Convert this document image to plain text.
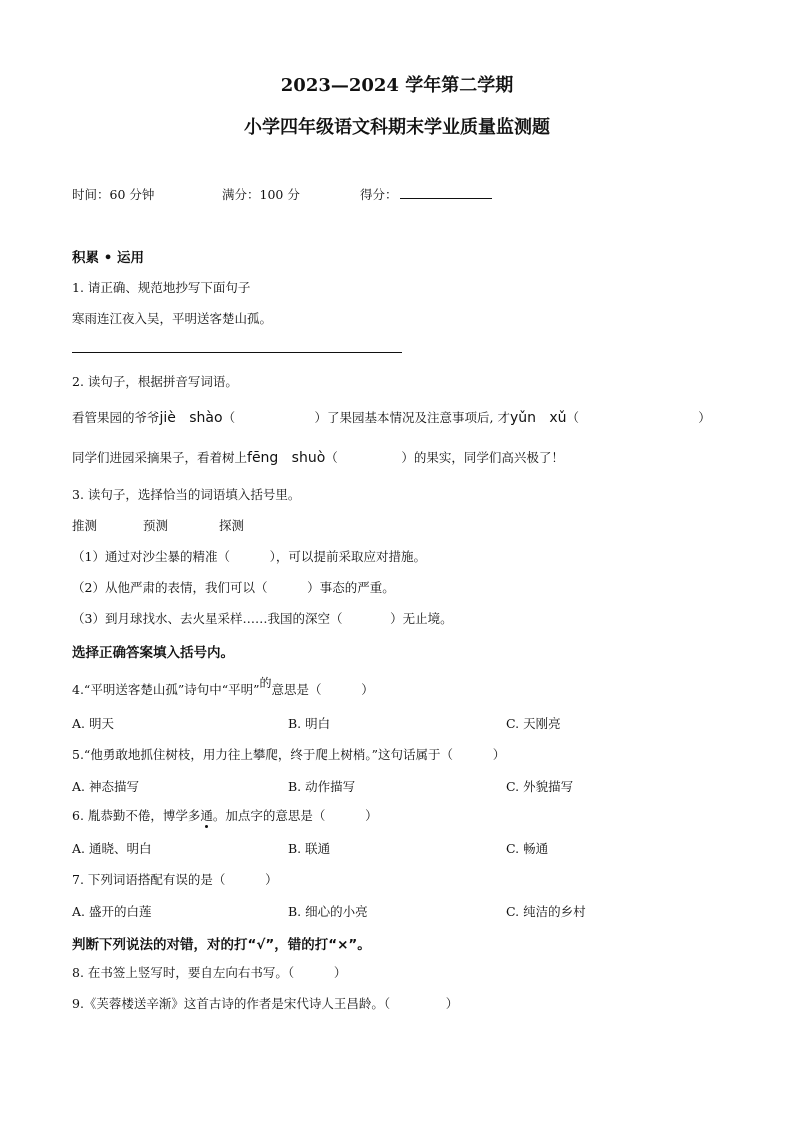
2023—2024 学年第二学期
小学四年级语文科期末学业质量监测题
时间：60 分钟	满分：100 分	得分：
积累 • 运用
1. 请正确、规范地抄写下面句子
寒雨连江夜入吴，平明送客楚山孤。
2. 读句子，根据拼音写词语。
看管果园的爷爷jiè   shào（                    ）了果园基本情况及注意事项后, 才yǔn   xǔ（                              ）
同学们进园采摘果子，看着树上fēng   shuò（                ）的果实，同学们高兴极了！
3. 读句子，选择恰当的词语填入括号里。
推测	预测	探测
（1）通过对沙尘暴的精准（          ），可以提前采取应对措施。
（2）从他严肃的表情，我们可以（          ）事态的严重。
（3）到月球找水、去火星采样……我国的深空（            ）无止境。
选择正确答案填入括号内。
4.“平明送客楚山孤”诗句中“平明”的意思是（          ）
A. 明天	B. 明白	C. 天刚亮
5.“他勇敢地抓住树枝，用力往上攀爬，终于爬上树梢。”这句话属于（          ）
A. 神态描写	B. 动作描写	C. 外貌描写
6. 胤恭勤不倦，博学多通。加点字的意思是（          ）
A. 通晓、明白	B. 联通	C. 畅通
7. 下列词语搭配有误的是（          ）
A. 盛开的白莲	B. 细心的小亮	C. 纯洁的乡村
判断下列说法的对错，对的打“√”，错的打“×”。
8. 在书签上竖写时，要自左向右书写。（          ）
9.《芙蓉楼送辛渐》这首古诗的作者是宋代诗人王昌龄。（              ）
